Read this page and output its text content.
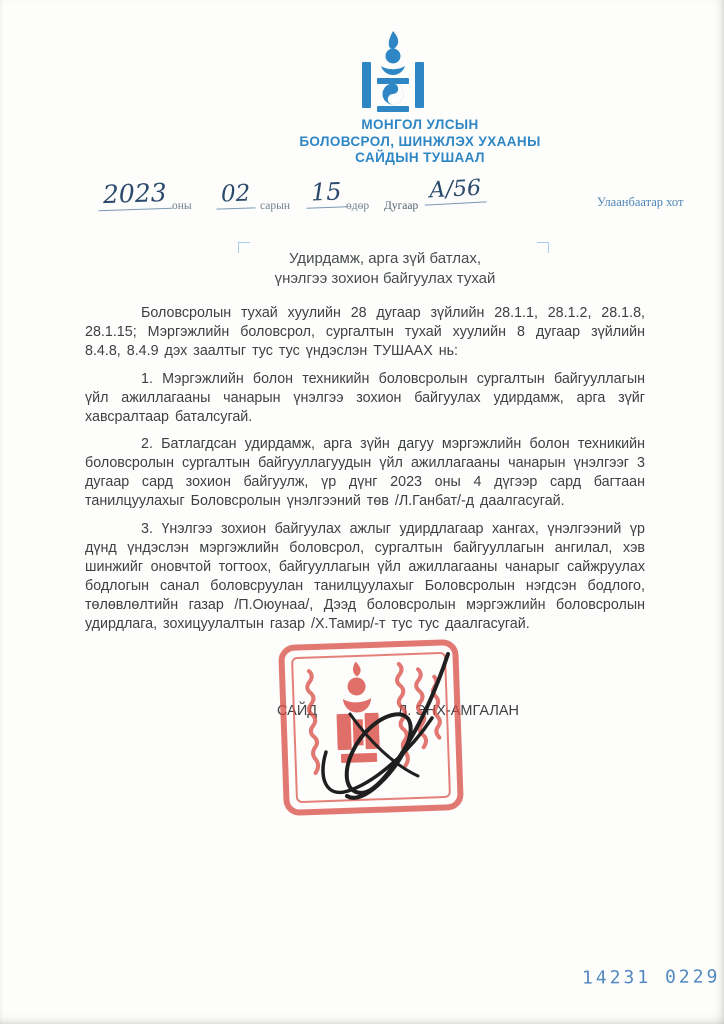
МОНГОЛ УЛСЫН
БОЛОВСРОЛ, ШИНЖЛЭХ УХААНЫ
САЙДЫН ТУШААЛ
2023 оны 02 сарын 15 өдөр Дугаар
А/56	Улаанбаатар хот
Удирдамж, арга зүй батлах,
үнэлгээ зохион байгуулах тухай

Боловсролын тухай хуулийн 28 дугаар зүйлийн 28.1.1, 28.1.2, 28.1.8, 28.1.15; Мэргэжлийн боловсрол, сургалтын тухай хуулийн 8 дугаар зүйлийн 8.4.8, 8.4.9 дэх заалтыг тус тус үндэслэн ТУШААХ нь:

1. Мэргэжлийн болон техникийн боловсролын сургалтын байгууллагын үйл ажиллагааны чанарын үнэлгээ зохион байгуулах удирдамж, арга зүйг хавсралтаар баталсугай.

2. Батлагдсан удирдамж, арга зүйн дагуу мэргэжлийн болон техникийн боловсролын сургалтын байгууллагуудын үйл ажиллагааны чанарын үнэлгээг 3 дугаар сард зохион байгуулж, үр дүнг 2023 оны 4 дүгээр сард багтаан танилцуулахыг Боловсролын үнэлгээний төв /Л.Ганбат/-д даалгасугай.

3. Үнэлгээ зохион байгуулах ажлыг удирдлагаар хангах, үнэлгээний үр дүнд үндэслэн мэргэжлийн боловсрол, сургалтын байгууллагын ангилал, хэв шинжийг оновчтой тогтоох, байгууллагын үйл ажиллагааны чанарыг сайжруулах бодлогын санал боловсруулан танилцуулахыг Боловсролын нэгдсэн бодлого, төлөвлөлтийн газар /П.Оюунаа/, Дээд боловсролын мэргэжлийн боловсролын удирдлага, зохицуулалтын газар /Х.Тамир/-т тус тус даалгасугай.

САЙД	Л. ЭНХ-АМГАЛАН
14231 0229
